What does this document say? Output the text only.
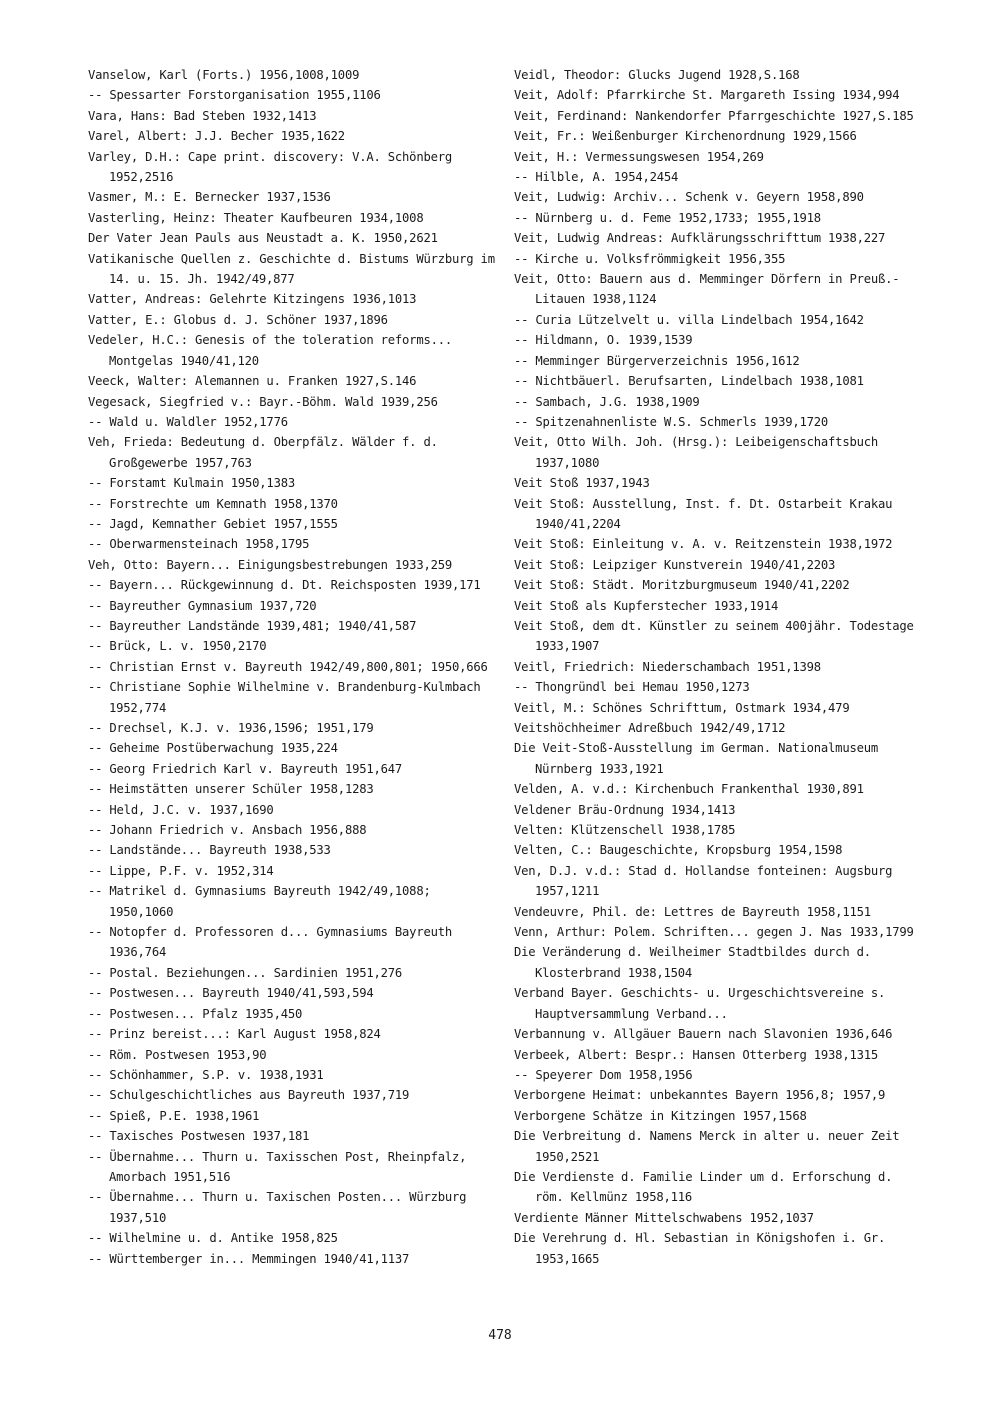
Vanselow, Karl (Forts.) 1956,1008,1009
-- Spessarter Forstorganisation 1955,1106
Vara, Hans: Bad Steben 1932,1413
Varel, Albert: J.J. Becher 1935,1622
Varley, D.H.: Cape print. discovery: V.A. Schönberg 1952,2516
Vasmer, M.: E. Bernecker 1937,1536
Vasterling, Heinz: Theater Kaufbeuren 1934,1008
Der Vater Jean Pauls aus Neustadt a. K. 1950,2621
Vatikanische Quellen z. Geschichte d. Bistums Würzburg im 14. u. 15. Jh. 1942/49,877
Vatter, Andreas: Gelehrte Kitzingens 1936,1013
Vatter, E.: Globus d. J. Schöner 1937,1896
Vedeler, H.C.: Genesis of the toleration reforms... Montgelas 1940/41,120
Veeck, Walter: Alemannen u. Franken 1927,S.146
Vegesack, Siegfried v.: Bayr.-Böhm. Wald 1939,256
-- Wald u. Waldler 1952,1776
Veh, Frieda: Bedeutung d. Oberpfälz. Wälder f. d. Großgewerbe 1957,763
-- Forstamt Kulmain 1950,1383
-- Forstrechte um Kemnath 1958,1370
-- Jagd, Kemnather Gebiet 1957,1555
-- Oberwarmensteinach 1958,1795
Veh, Otto: Bayern... Einigungsbestrebungen 1933,259
-- Bayern... Rückgewinnung d. Dt. Reichsposten 1939,171
-- Bayreuther Gymnasium 1937,720
-- Bayreuther Landstände 1939,481; 1940/41,587
-- Brück, L. v. 1950,2170
-- Christian Ernst v. Bayreuth 1942/49,800,801; 1950,666
-- Christiane Sophie Wilhelmine v. Brandenburg-Kulmbach 1952,774
-- Drechsel, K.J. v. 1936,1596; 1951,179
-- Geheime Postüberwachung 1935,224
-- Georg Friedrich Karl v. Bayreuth 1951,647
-- Heimstätten unserer Schüler 1958,1283
-- Held, J.C. v. 1937,1690
-- Johann Friedrich v. Ansbach 1956,888
-- Landstände... Bayreuth 1938,533
-- Lippe, P.F. v. 1952,314
-- Matrikel d. Gymnasiums Bayreuth 1942/49,1088; 1950,1060
-- Notopfer d. Professoren d... Gymnasiums Bayreuth 1936,764
-- Postal. Beziehungen... Sardinien 1951,276
-- Postwesen... Bayreuth 1940/41,593,594
-- Postwesen... Pfalz 1935,450
-- Prinz bereist...: Karl August 1958,824
-- Röm. Postwesen 1953,90
-- Schönhammer, S.P. v. 1938,1931
-- Schulgeschichtliches aus Bayreuth 1937,719
-- Spieß, P.E. 1938,1961
-- Taxisches Postwesen 1937,181
-- Übernahme... Thurn u. Taxisschen Post, Rheinpfalz, Amorbach 1951,516
-- Übernahme... Thurn u. Taxischen Posten... Würzburg 1937,510
-- Wilhelmine u. d. Antike 1958,825
-- Württemberger in... Memmingen 1940/41,1137
Veidl, Theodor: Glucks Jugend 1928,S.168
Veit, Adolf: Pfarrkirche St. Margareth Issing 1934,994
Veit, Ferdinand: Nankendorfer Pfarrgeschichte 1927,S.185
Veit, Fr.: Weißenburger Kirchenordnung 1929,1566
Veit, H.: Vermessungswesen 1954,269
-- Hilble, A. 1954,2454
Veit, Ludwig: Archiv... Schenk v. Geyern 1958,890
-- Nürnberg u. d. Feme 1952,1733; 1955,1918
Veit, Ludwig Andreas: Aufklärungsschrifttum 1938,227
-- Kirche u. Volksfrömmigkeit 1956,355
Veit, Otto: Bauern aus d. Memminger Dörfern in Preuß.-Litauen 1938,1124
-- Curia Lützelvelt u. villa Lindelbach 1954,1642
-- Hildmann, O. 1939,1539
-- Memminger Bürgerverzeichnis 1956,1612
-- Nichtbäuerl. Berufsarten, Lindelbach 1938,1081
-- Sambach, J.G. 1938,1909
-- Spitzenahnenliste W.S. Schmerls 1939,1720
Veit, Otto Wilh. Joh. (Hrsg.): Leibeigenschaftsbuch 1937,1080
Veit Stoß 1937,1943
Veit Stoß: Ausstellung, Inst. f. Dt. Ostarbeit Krakau 1940/41,2204
Veit Stoß: Einleitung v. A. v. Reitzenstein 1938,1972
Veit Stoß: Leipziger Kunstverein 1940/41,2203
Veit Stoß: Städt. Moritzburgmuseum 1940/41,2202
Veit Stoß als Kupferstecher 1933,1914
Veit Stoß, dem dt. Künstler zu seinem 400jähr. Todestage 1933,1907
Veitl, Friedrich: Niederschambach 1951,1398
-- Thongründl bei Hemau 1950,1273
Veitl, M.: Schönes Schrifttum, Ostmark 1934,479
Veitshöchheimer Adreßbuch 1942/49,1712
Die Veit-Stoß-Ausstellung im German. Nationalmuseum Nürnberg 1933,1921
Velden, A. v.d.: Kirchenbuch Frankenthal 1930,891
Veldener Bräu-Ordnung 1934,1413
Velten: Klützenschell 1938,1785
Velten, C.: Baugeschichte, Kropsburg 1954,1598
Ven, D.J. v.d.: Stad d. Hollandse fonteinen: Augsburg 1957,1211
Vendeuvre, Phil. de: Lettres de Bayreuth 1958,1151
Venn, Arthur: Polem. Schriften... gegen J. Nas 1933,1799
Die Veränderung d. Weilheimer Stadtbildes durch d. Klosterbrand 1938,1504
Verband Bayer. Geschichts- u. Urgeschichtsvereine s. Hauptversammlung Verband...
Verbannung v. Allgäuer Bauern nach Slavonien 1936,646
Verbeek, Albert: Bespr.: Hansen Otterberg 1938,1315
-- Speyerer Dom 1958,1956
Verborgene Heimat: unbekanntes Bayern 1956,8; 1957,9
Verborgene Schätze in Kitzingen 1957,1568
Die Verbreitung d. Namens Merck in alter u. neuer Zeit 1950,2521
Die Verdienste d. Familie Linder um d. Erforschung d. röm. Kellmünz 1958,116
Verdiente Männer Mittelschwabens 1952,1037
Die Verehrung d. Hl. Sebastian in Königshofen i. Gr. 1953,1665
478
